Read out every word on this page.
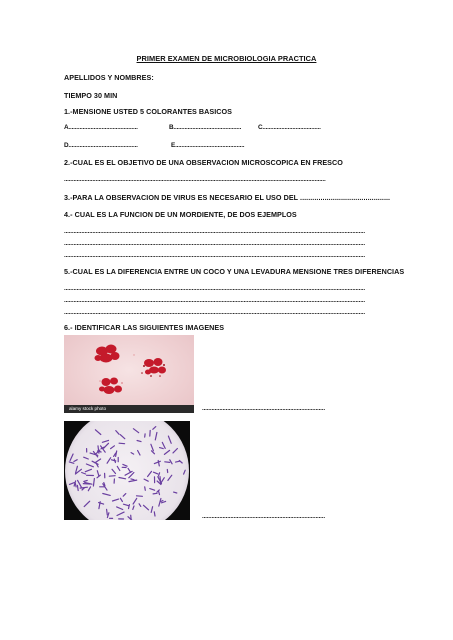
PRIMER EXAMEN DE MICROBIOLOGIA PRACTICA
APELLIDOS Y NOMBRES:
TIEMPO 30 MIN
1.-MENSIONE USTED 5 COLORANTES BASICOS
A............................................	B...........................................	C.....................................
D............................................	E............................................
2.-CUAL ES EL OBJETIVO DE UNA OBSERVACION MICROSCOPICA EN FRESCO
......................................................................................................................................................................
3.-PARA LA OBSERVACION DE VIRUS ES NECESARIO EL USO DEL ............................................
4.- CUAL ES LA FUNCION DE UN MORDIENTE, DE DOS EJEMPLOS
...............................................................................................................................................................................................
...............................................................................................................................................................................................
...............................................................................................................................................................................................
5.-CUAL ES LA DIFERENCIA ENTRE UN COCO Y UNA LEVADURA MENSIONE TRES DIFERENCIAS
...............................................................................................................................................................................................
...............................................................................................................................................................................................
...............................................................................................................................................................................................
6.- IDENTIFICAR LAS SIGUIENTES IMAGENES
alamy stock photo	..............................................................................
..............................................................................
